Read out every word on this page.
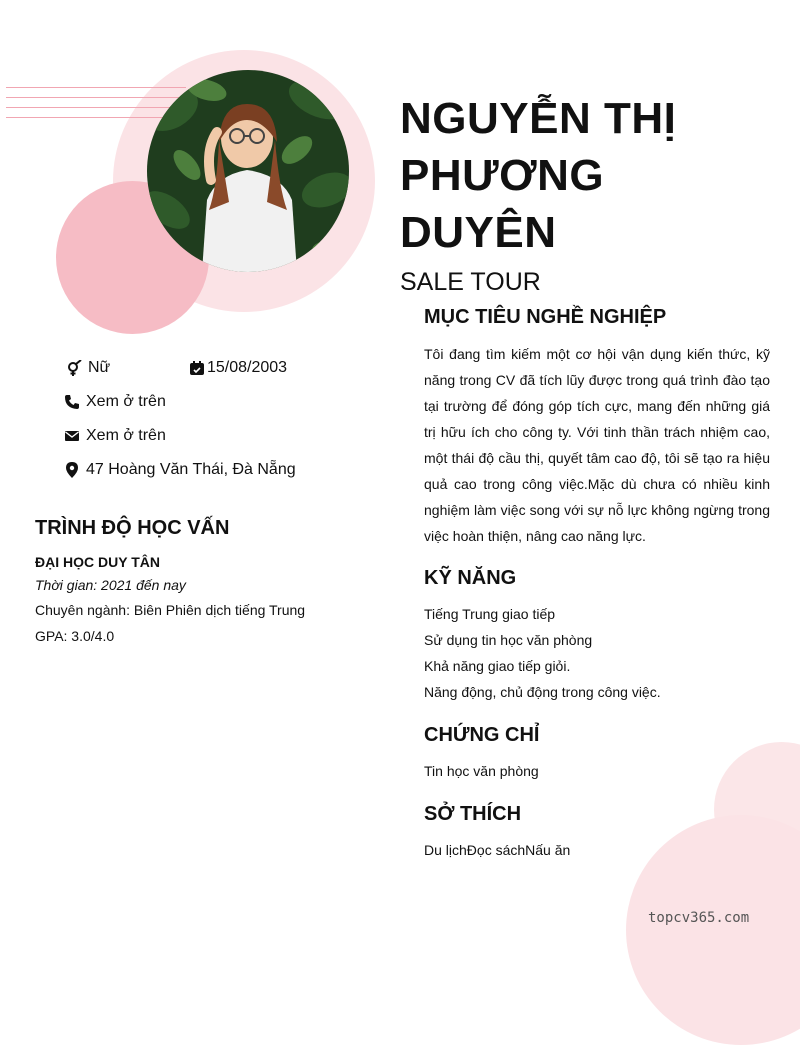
NGUYỄN THỊ
PHƯƠNG
DUYÊN
SALE TOUR
Nữ	15/08/2003
Xem ở trên
Xem ở trên
47 Hoàng Văn Thái, Đà Nẵng
TRÌNH ĐỘ HỌC VẤN
ĐẠI HỌC DUY TÂN
Thời gian: 2021 đến nay
Chuyên ngành: Biên Phiên dịch tiếng Trung
GPA: 3.0/4.0
MỤC TIÊU NGHỀ NGHIỆP
Tôi đang tìm kiếm một cơ hội vận dụng kiến thức, kỹ năng trong CV đã tích lũy được trong quá trình đào tạo tại trường để đóng góp tích cực, mang đến những giá trị hữu ích cho công ty. Với tinh thần trách nhiệm cao, một thái độ cầu thị, quyết tâm cao độ, tôi sẽ tạo ra hiệu quả cao trong công việc.Mặc dù chưa có nhiều kinh nghiệm làm việc song với sự nỗ lực không ngừng trong việc hoàn thiện, nâng cao năng lực.
KỸ NĂNG
Tiếng Trung giao tiếp
Sử dụng tin học văn phòng
Khả năng giao tiếp giỏi.
Năng động, chủ động trong công việc.
CHỨNG CHỈ
Tin học văn phòng
SỞ THÍCH
Du lịchĐọc sáchNấu ăn
topcv365.com
